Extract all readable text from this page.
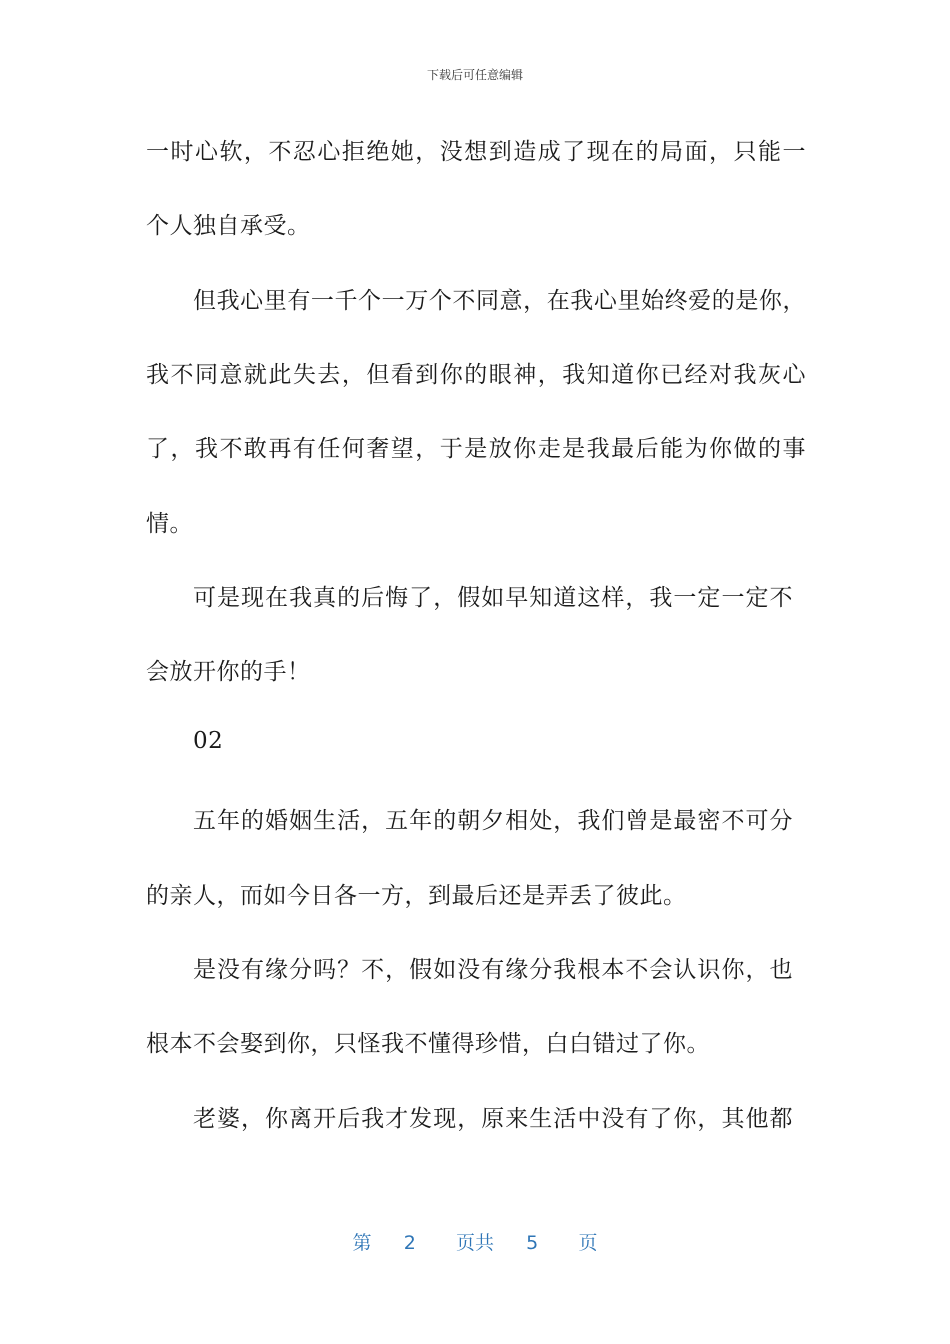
下载后可任意编辑
一时心软，不忍心拒绝她，没想到造成了现在的局面，只能一
个人独自承受。
但我心里有一千个一万个不同意，在我心里始终爱的是你，
我不同意就此失去，但看到你的眼神，我知道你已经对我灰心
了，我不敢再有任何奢望，于是放你走是我最后能为你做的事
情。
可是现在我真的后悔了，假如早知道这样，我一定一定不
会放开你的手！
02
五年的婚姻生活，五年的朝夕相处，我们曾是最密不可分
的亲人，而如今日各一方，到最后还是弄丢了彼此。
是没有缘分吗？不，假如没有缘分我根本不会认识你，也
根本不会娶到你，只怪我不懂得珍惜，白白错过了你。
老婆，你离开后我才发现，原来生活中没有了你，其他都
第 2 页共 5 页
